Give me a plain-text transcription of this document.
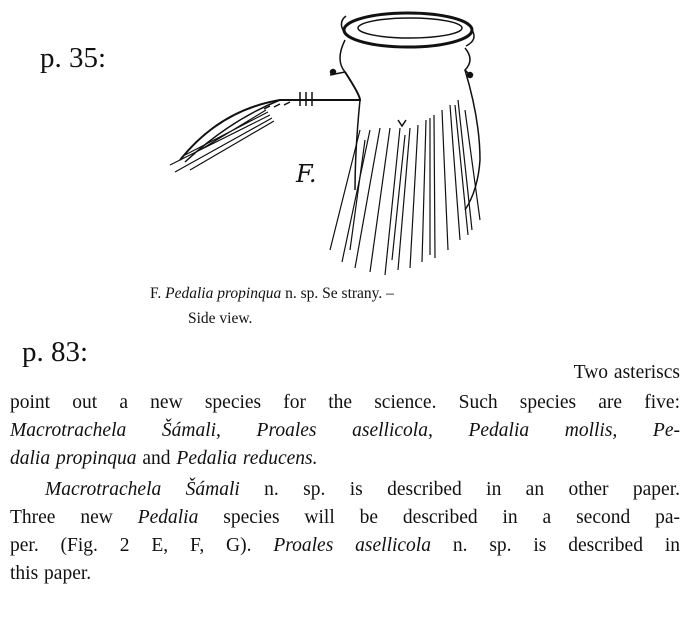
p. 35:
F.
F. Pedalia propinqua n. sp. Se strany. –
Side view.
p. 83:
Two asteriscs
point out a new species for the science. Such species are five:
Macrotrachela Šámali, Proales asellicola, Pedalia mollis, Pe-
dalia propinqua and Pedalia reducens.
Macrotrachela Šámali n. sp. is described in an other paper.
Three new Pedalia species will be described in a second pa-
per. (Fig. 2 E, F, G). Proales asellicola n. sp. is described in
this paper.
